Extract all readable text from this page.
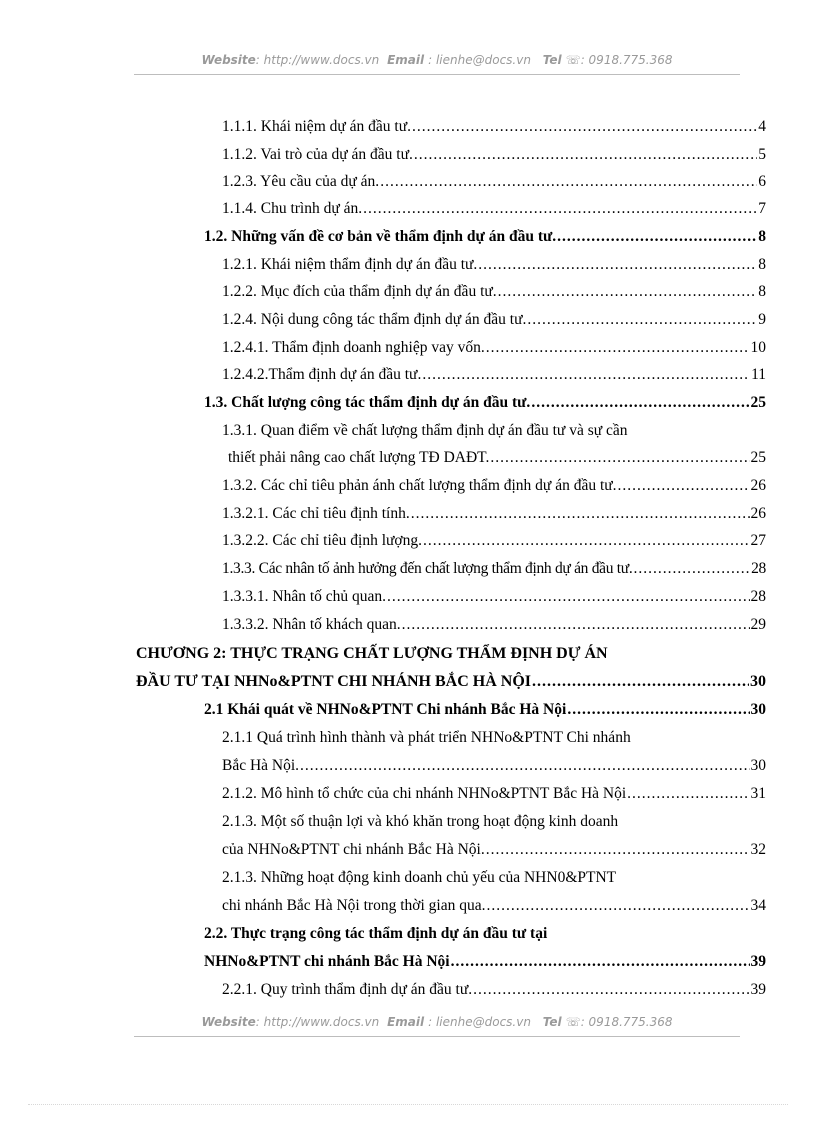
Website: http://www.docs.vn Email : lienhe@docs.vn Tel ☏: 0918.775.368
1.1.1. Khái niệm dự án đầu tư. .....	4
1.1.2. Vai trò của dự án đầu tư. .....	5
1.2.3. Yêu cầu của dự án. .....	6
1.1.4. Chu trình dự án. .....	7
1.2. Những vấn đề cơ bản về thẩm định dự án đầu tư. .....	8
1.2.1. Khái niệm thẩm định dự án đầu tư. .....	8
1.2.2. Mục đích của thẩm định dự án đầu tư. .....	8
1.2.4. Nội dung công tác thẩm định dự án đầu tư. .....	9
1.2.4.1. Thẩm định doanh nghiệp vay vốn. .....	10
1.2.4.2.Thẩm định dự án đầu tư. .....	11
1.3. Chất lượng công tác thẩm định dự án đầu tư. .....	25
1.3.1. Quan điểm về chất lượng thẩm định dự án đầu tư và sự cần
thiết phải nâng cao chất lượng TĐ DAĐT. .....	25
1.3.2. Các chỉ tiêu phản ánh chất lượng thẩm định dự án đầu tư. .....	26
1.3.2.1. Các chỉ tiêu định tính. .....	26
1.3.2.2. Các chỉ tiêu định lượng. .....	27
1.3.3. Các nhân tố ảnh hưởng đến chất lượng thẩm định dự án đầu tư. .....	28
1.3.3.1. Nhân tố chủ quan. .....	28
1.3.3.2. Nhân tố khách quan. .....	29
CHƯƠNG 2: THỰC TRẠNG CHẤT LƯỢNG THẨM ĐỊNH DỰ ÁN
ĐẦU TƯ TẠI NHNo&PTNT CHI NHÁNH BẮC HÀ NỘI .....	30
2.1 Khái quát về NHNo&PTNT Chi nhánh Bắc Hà Nội .....	30
2.1.1 Quá trình hình thành và phát triển NHNo&PTNT Chi nhánh
Bắc Hà Nội. .....	30
2.1.2. Mô hình tổ chức của chi nhánh NHNo&PTNT Bắc Hà Nội .....	31
2.1.3. Một số thuận lợi và khó khăn trong hoạt động kinh doanh
của NHNo&PTNT chi nhánh Bắc Hà Nội. .....	32
2.1.3. Những hoạt động kinh doanh chủ yếu của NHN0&PTNT
chi nhánh Bắc Hà Nội trong thời gian qua. .....	34
2.2. Thực trạng công tác thẩm định dự án đầu tư tại
NHNo&PTNT chi nhánh Bắc Hà Nội .....	39
2.2.1. Quy trình thẩm định dự án đầu tư. .....	39
Website: http://www.docs.vn Email : lienhe@docs.vn Tel ☏: 0918.775.368
